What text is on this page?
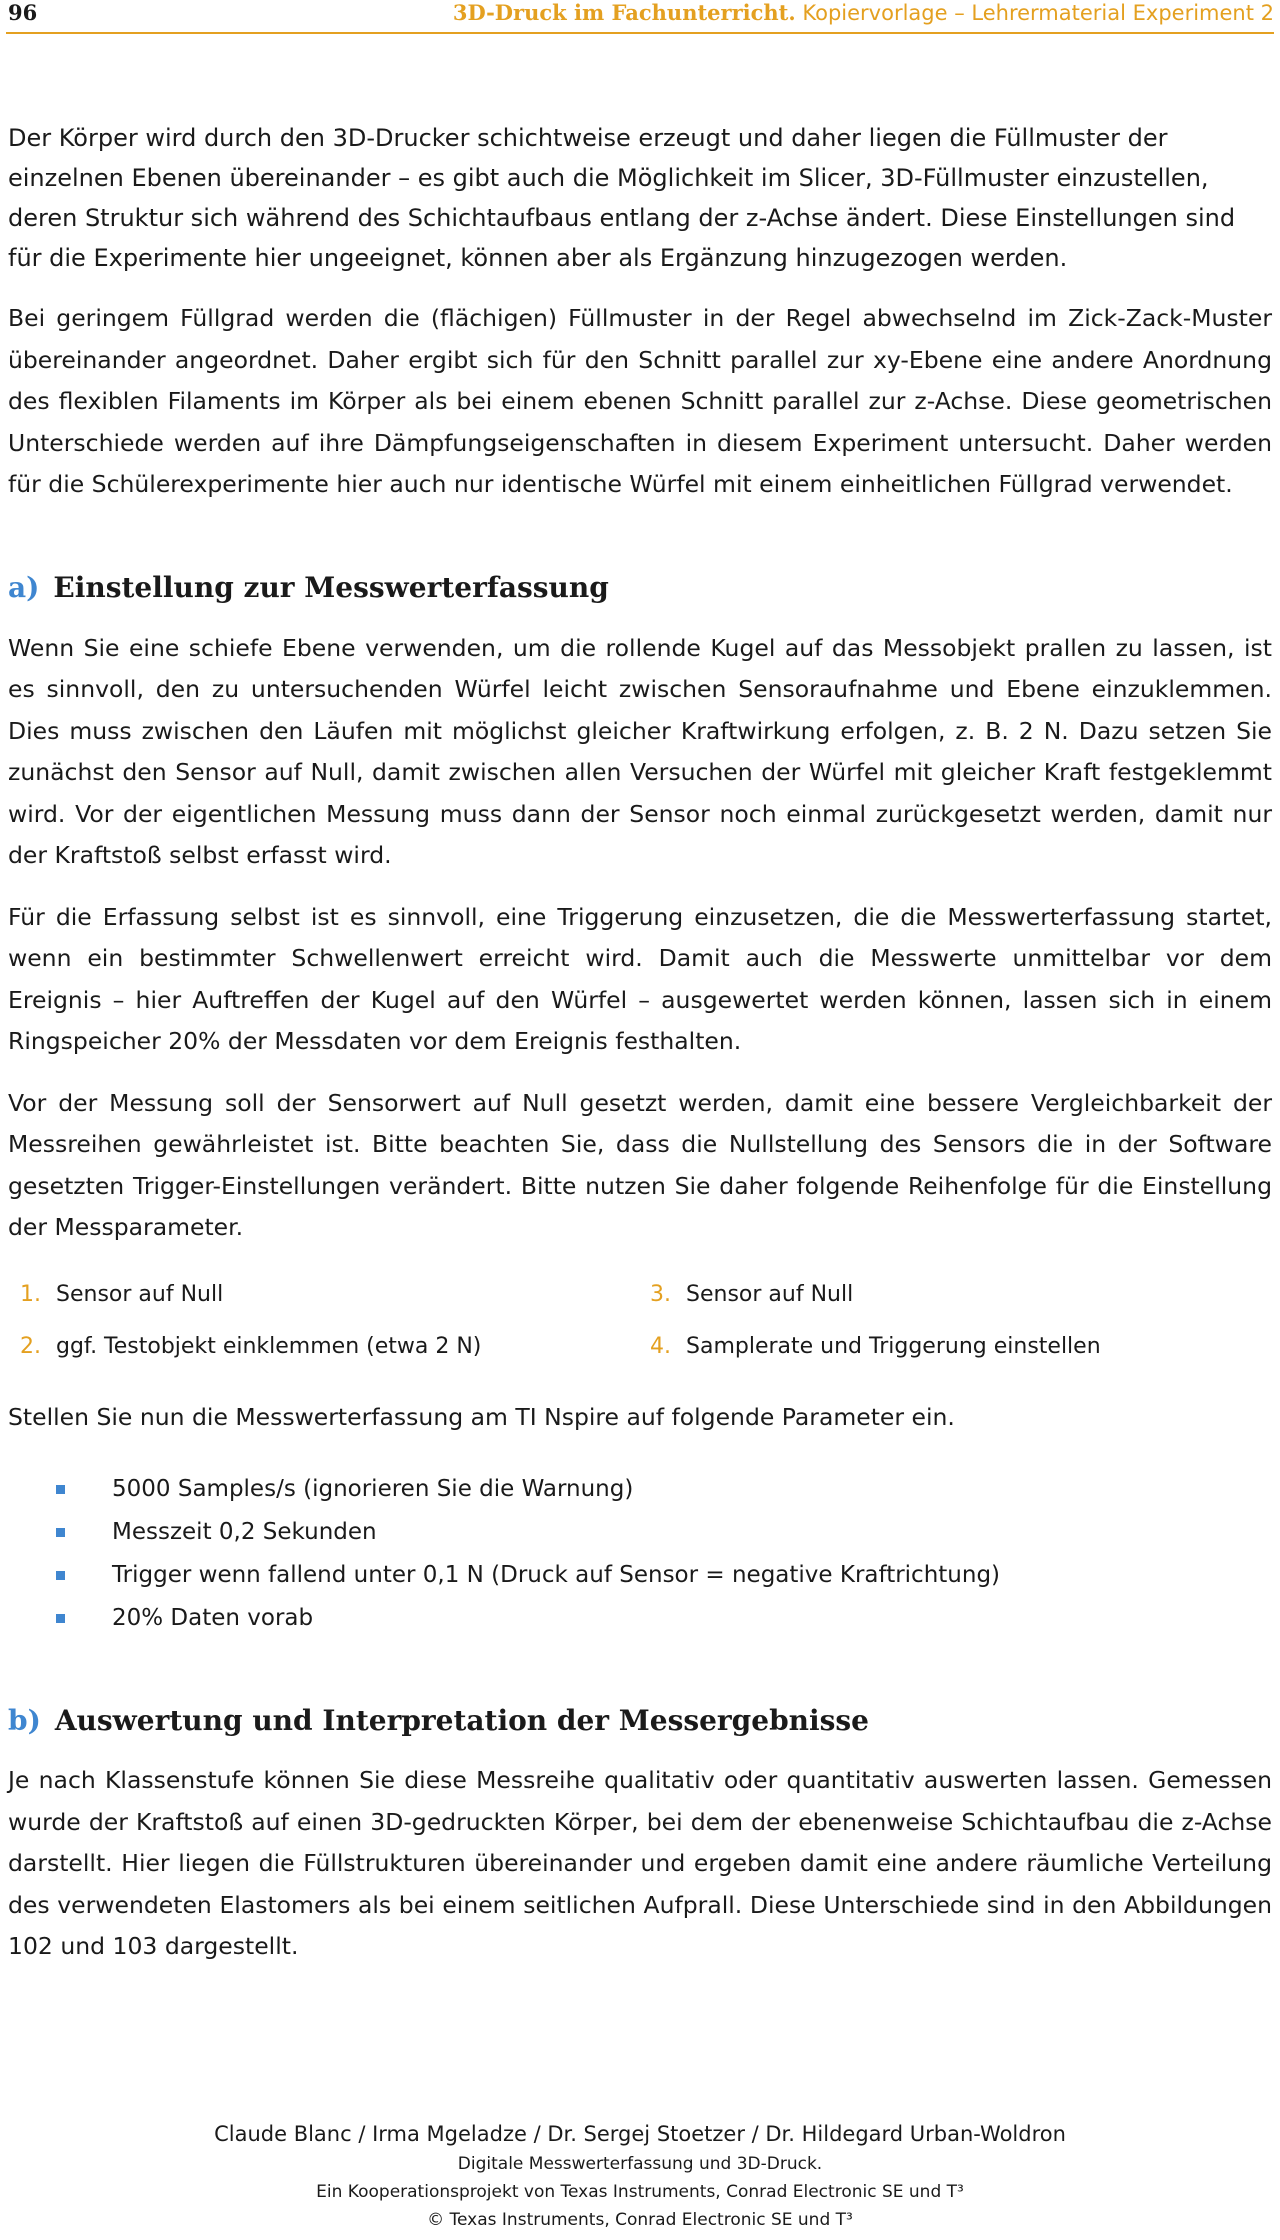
96	3D-Druck im Fachunterricht. Kopiervorlage – Lehrermaterial Experiment 2

Der Körper wird durch den 3D-Drucker schichtweise erzeugt und daher liegen die Füllmuster der einzelnen Ebenen übereinander – es gibt auch die Möglichkeit im Slicer, 3D-Füllmuster einzustellen, deren Struktur sich während des Schichtaufbaus entlang der z-Achse ändert. Diese Einstellungen sind für die Experimente hier ungeeignet, können aber als Ergänzung hinzugezogen werden.

Bei geringem Füllgrad werden die (flächigen) Füllmuster in der Regel abwechselnd im Zick-Zack-Muster übereinander angeordnet. Daher ergibt sich für den Schnitt parallel zur xy-Ebene eine andere Anordnung des flexiblen Filaments im Körper als bei einem ebenen Schnitt parallel zur z-Achse. Diese geometrischen Unterschiede werden auf ihre Dämpfungseigenschaften in diesem Experiment untersucht. Daher werden für die Schülerexperimente hier auch nur identische Würfel mit einem einheitlichen Füllgrad verwendet.

a) Einstellung zur Messwerterfassung

Wenn Sie eine schiefe Ebene verwenden, um die rollende Kugel auf das Messobjekt prallen zu lassen, ist es sinnvoll, den zu untersuchenden Würfel leicht zwischen Sensoraufnahme und Ebene einzuklemmen. Dies muss zwischen den Läufen mit möglichst gleicher Kraftwirkung erfolgen, z. B. 2 N. Dazu setzen Sie zunächst den Sensor auf Null, damit zwischen allen Versuchen der Würfel mit gleicher Kraft festgeklemmt wird. Vor der eigentlichen Messung muss dann der Sensor noch einmal zurückgesetzt werden, damit nur der Kraftstoß selbst erfasst wird.

Für die Erfassung selbst ist es sinnvoll, eine Triggerung einzusetzen, die die Messwerterfassung startet, wenn ein bestimmter Schwellenwert erreicht wird. Damit auch die Messwerte unmittelbar vor dem Ereignis – hier Auftreffen der Kugel auf den Würfel – ausgewertet werden können, lassen sich in einem Ringspeicher 20% der Messdaten vor dem Ereignis festhalten.

Vor der Messung soll der Sensorwert auf Null gesetzt werden, damit eine bessere Vergleichbarkeit der Messreihen gewährleistet ist. Bitte beachten Sie, dass die Nullstellung des Sensors die in der Software gesetzten Trigger-Einstellungen verändert. Bitte nutzen Sie daher folgende Reihenfolge für die Einstellung der Messparameter.

1. Sensor auf Null	3. Sensor auf Null
2. ggf. Testobjekt einklemmen (etwa 2 N)	4. Samplerate und Triggerung einstellen

Stellen Sie nun die Messwerterfassung am TI Nspire auf folgende Parameter ein.

5000 Samples/s (ignorieren Sie die Warnung)
Messzeit 0,2 Sekunden
Trigger wenn fallend unter 0,1 N (Druck auf Sensor = negative Kraftrichtung)
20% Daten vorab
b) Auswertung und Interpretation der Messergebnisse

Je nach Klassenstufe können Sie diese Messreihe qualitativ oder quantitativ auswerten lassen. Gemessen wurde der Kraftstoß auf einen 3D-gedruckten Körper, bei dem der ebenenweise Schichtaufbau die z-Achse darstellt. Hier liegen die Füllstrukturen übereinander und ergeben damit eine andere räumliche Verteilung des verwendeten Elastomers als bei einem seitlichen Aufprall. Diese Unterschiede sind in den Abbildungen 102 und 103 dargestellt.

Claude Blanc / Irma Mgeladze / Dr. Sergej Stoetzer / Dr. Hildegard Urban-Woldron
Digitale Messwerterfassung und 3D-Druck.
Ein Kooperationsprojekt von Texas Instruments, Conrad Electronic SE und T³
© Texas Instruments, Conrad Electronic SE und T³
